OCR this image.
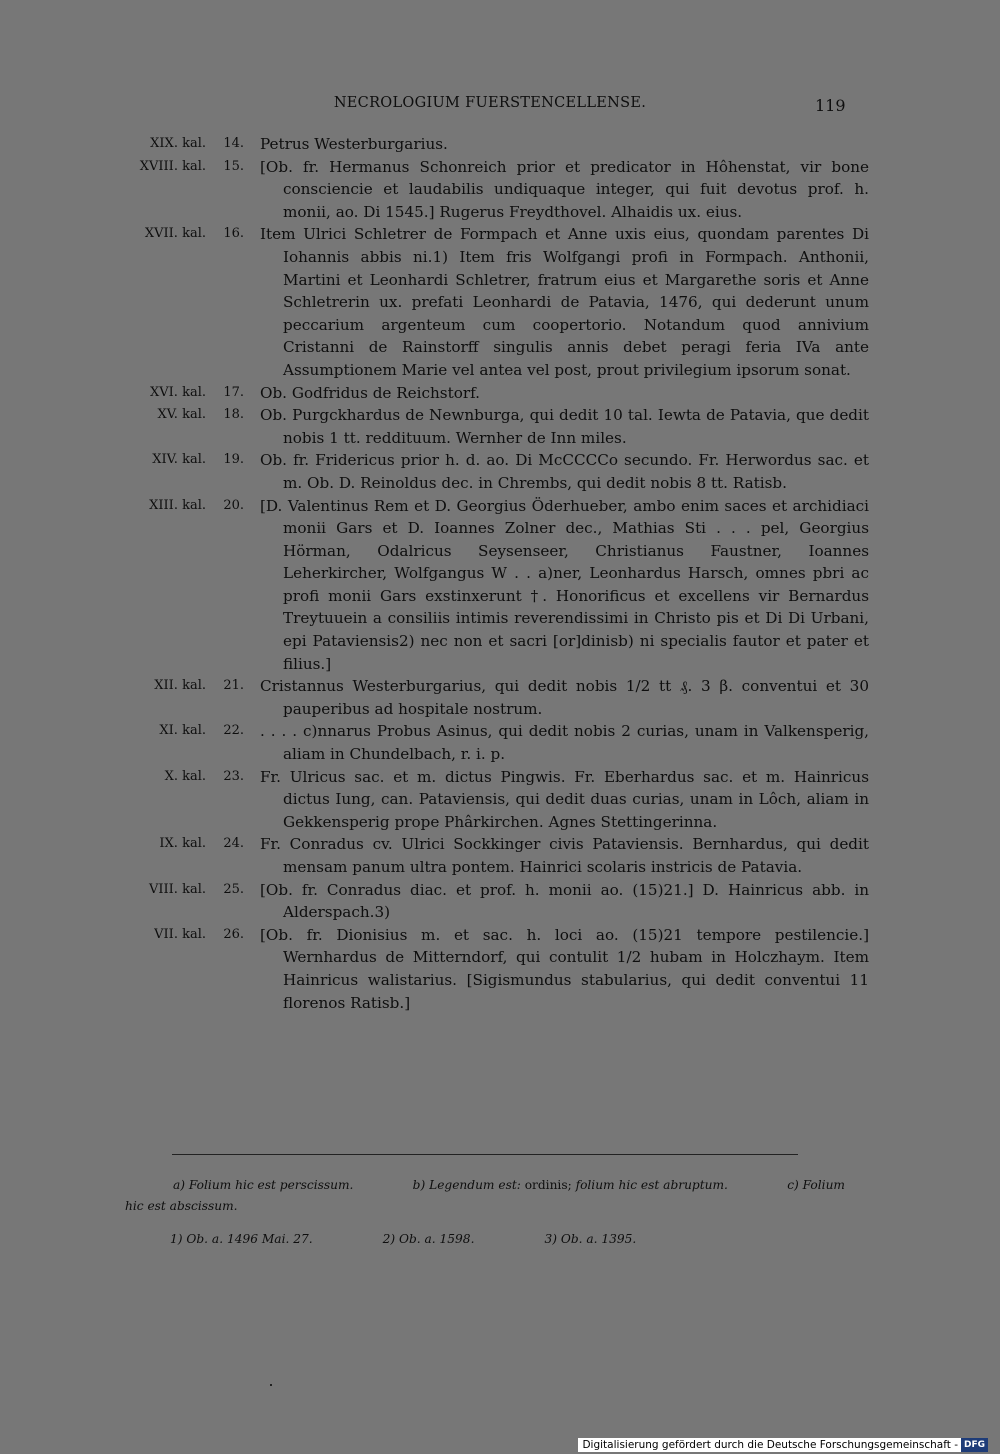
NECROLOGIUM FUERSTENCELLENSE.	119
XIX. kal.	14. Petrus Westerburgarius.
XVIII. kal.	15. [Ob. fr. Hermanus Schonreich prior et predicator in Hôhenstat, vir bone consciencie et laudabilis undiquaque integer, qui fuit devotus prof. h. monii, ao. Di 1545.] Rugerus Freydthovel. Alhaidis ux. eius.
XVII. kal.	16. Item Ulrici Schletrer de Formpach et Anne uxis eius, quondam parentes Di Iohannis abbis ni.1) Item fris Wolfgangi profi in Formpach. Anthonii, Martini et Leonhardi Schletrer, fratrum eius et Margarethe soris et Anne Schletrerin ux. prefati Leonhardi de Patavia, 1476, qui dederunt unum peccarium argenteum cum coopertorio. Notandum quod annivium Cristanni de Rainstorff singulis annis debet peragi feria IVa ante Assumptionem Marie vel antea vel post, prout privilegium ipsorum sonat.
XVI. kal.	17. Ob. Godfridus de Reichstorf.
XV. kal.	18. Ob. Purgckhardus de Newnburga, qui dedit 10 tal. Iewta de Patavia, que dedit nobis 1 tt. reddituum. Wernher de Inn miles.
XIV. kal.	19. Ob. fr. Fridericus prior h. d. ao. Di McCCCCo secundo. Fr. Herwordus sac. et m. Ob. D. Reinoldus dec. in Chrembs, qui dedit nobis 8 tt. Ratisb.
XIII. kal.	20. [D. Valentinus Rem et D. Georgius Öderhueber, ambo enim saces et archidiaci monii Gars et D. Ioannes Zolner dec., Mathias Sti . . . pel, Georgius Hörman, Odalricus Seysenseer, Christianus Faustner, Ioannes Leherkircher, Wolfgangus W . . a)ner, Leonhardus Harsch, omnes pbri ac profi monii Gars exstinxerunt †. Honorificus et excellens vir Bernardus Treytuuein a consiliis intimis reverendissimi in Christo pis et Di Di Urbani, epi Pataviensis2) nec non et sacri [or]dinisb) ni specialis fautor et pater et filius.]
XII. kal.	21. Cristannus Westerburgarius, qui dedit nobis 1/2 tt ₰. 3 β. conventui et 30 pauperibus ad hospitale nostrum.
XI. kal.	22. . . . . c)nnarus Probus Asinus, qui dedit nobis 2 curias, unam in Valkensperig, aliam in Chundelbach, r. i. p.
X. kal.	23. Fr. Ulricus sac. et m. dictus Pingwis. Fr. Eberhardus sac. et m. Hainricus dictus Iung, can. Pataviensis, qui dedit duas curias, unam in Lôch, aliam in Gekkensperig prope Phârkirchen. Agnes Stettingerinna.
IX. kal.	24. Fr. Conradus cv. Ulrici Sockkinger civis Pataviensis. Bernhardus, qui dedit mensam panum ultra pontem. Hainrici scolaris instricis de Patavia.
VIII. kal.	25. [Ob. fr. Conradus diac. et prof. h. monii ao. (15)21.] D. Hainricus abb. in Alderspach.3)
VII. kal.	26. [Ob. fr. Dionisius m. et sac. h. loci ao. (15)21 tempore pestilencie.] Wernhardus de Mitterndorf, qui contulit 1/2 hubam in Holczhaym. Item Hainricus walistarius. [Sigismundus stabularius, qui dedit conventui 11 florenos Ratisb.]
a) Folium hic est perscissum.	b) Legendum est: ordinis; folium hic est abruptum.	c) Folium
hic est abscissum.
1) Ob. a. 1496 Mai. 27.	2) Ob. a. 1598.	3) Ob. a. 1395.
Digitalisierung gefördert durch die Deutsche Forschungsgemeinschaft - DFG
